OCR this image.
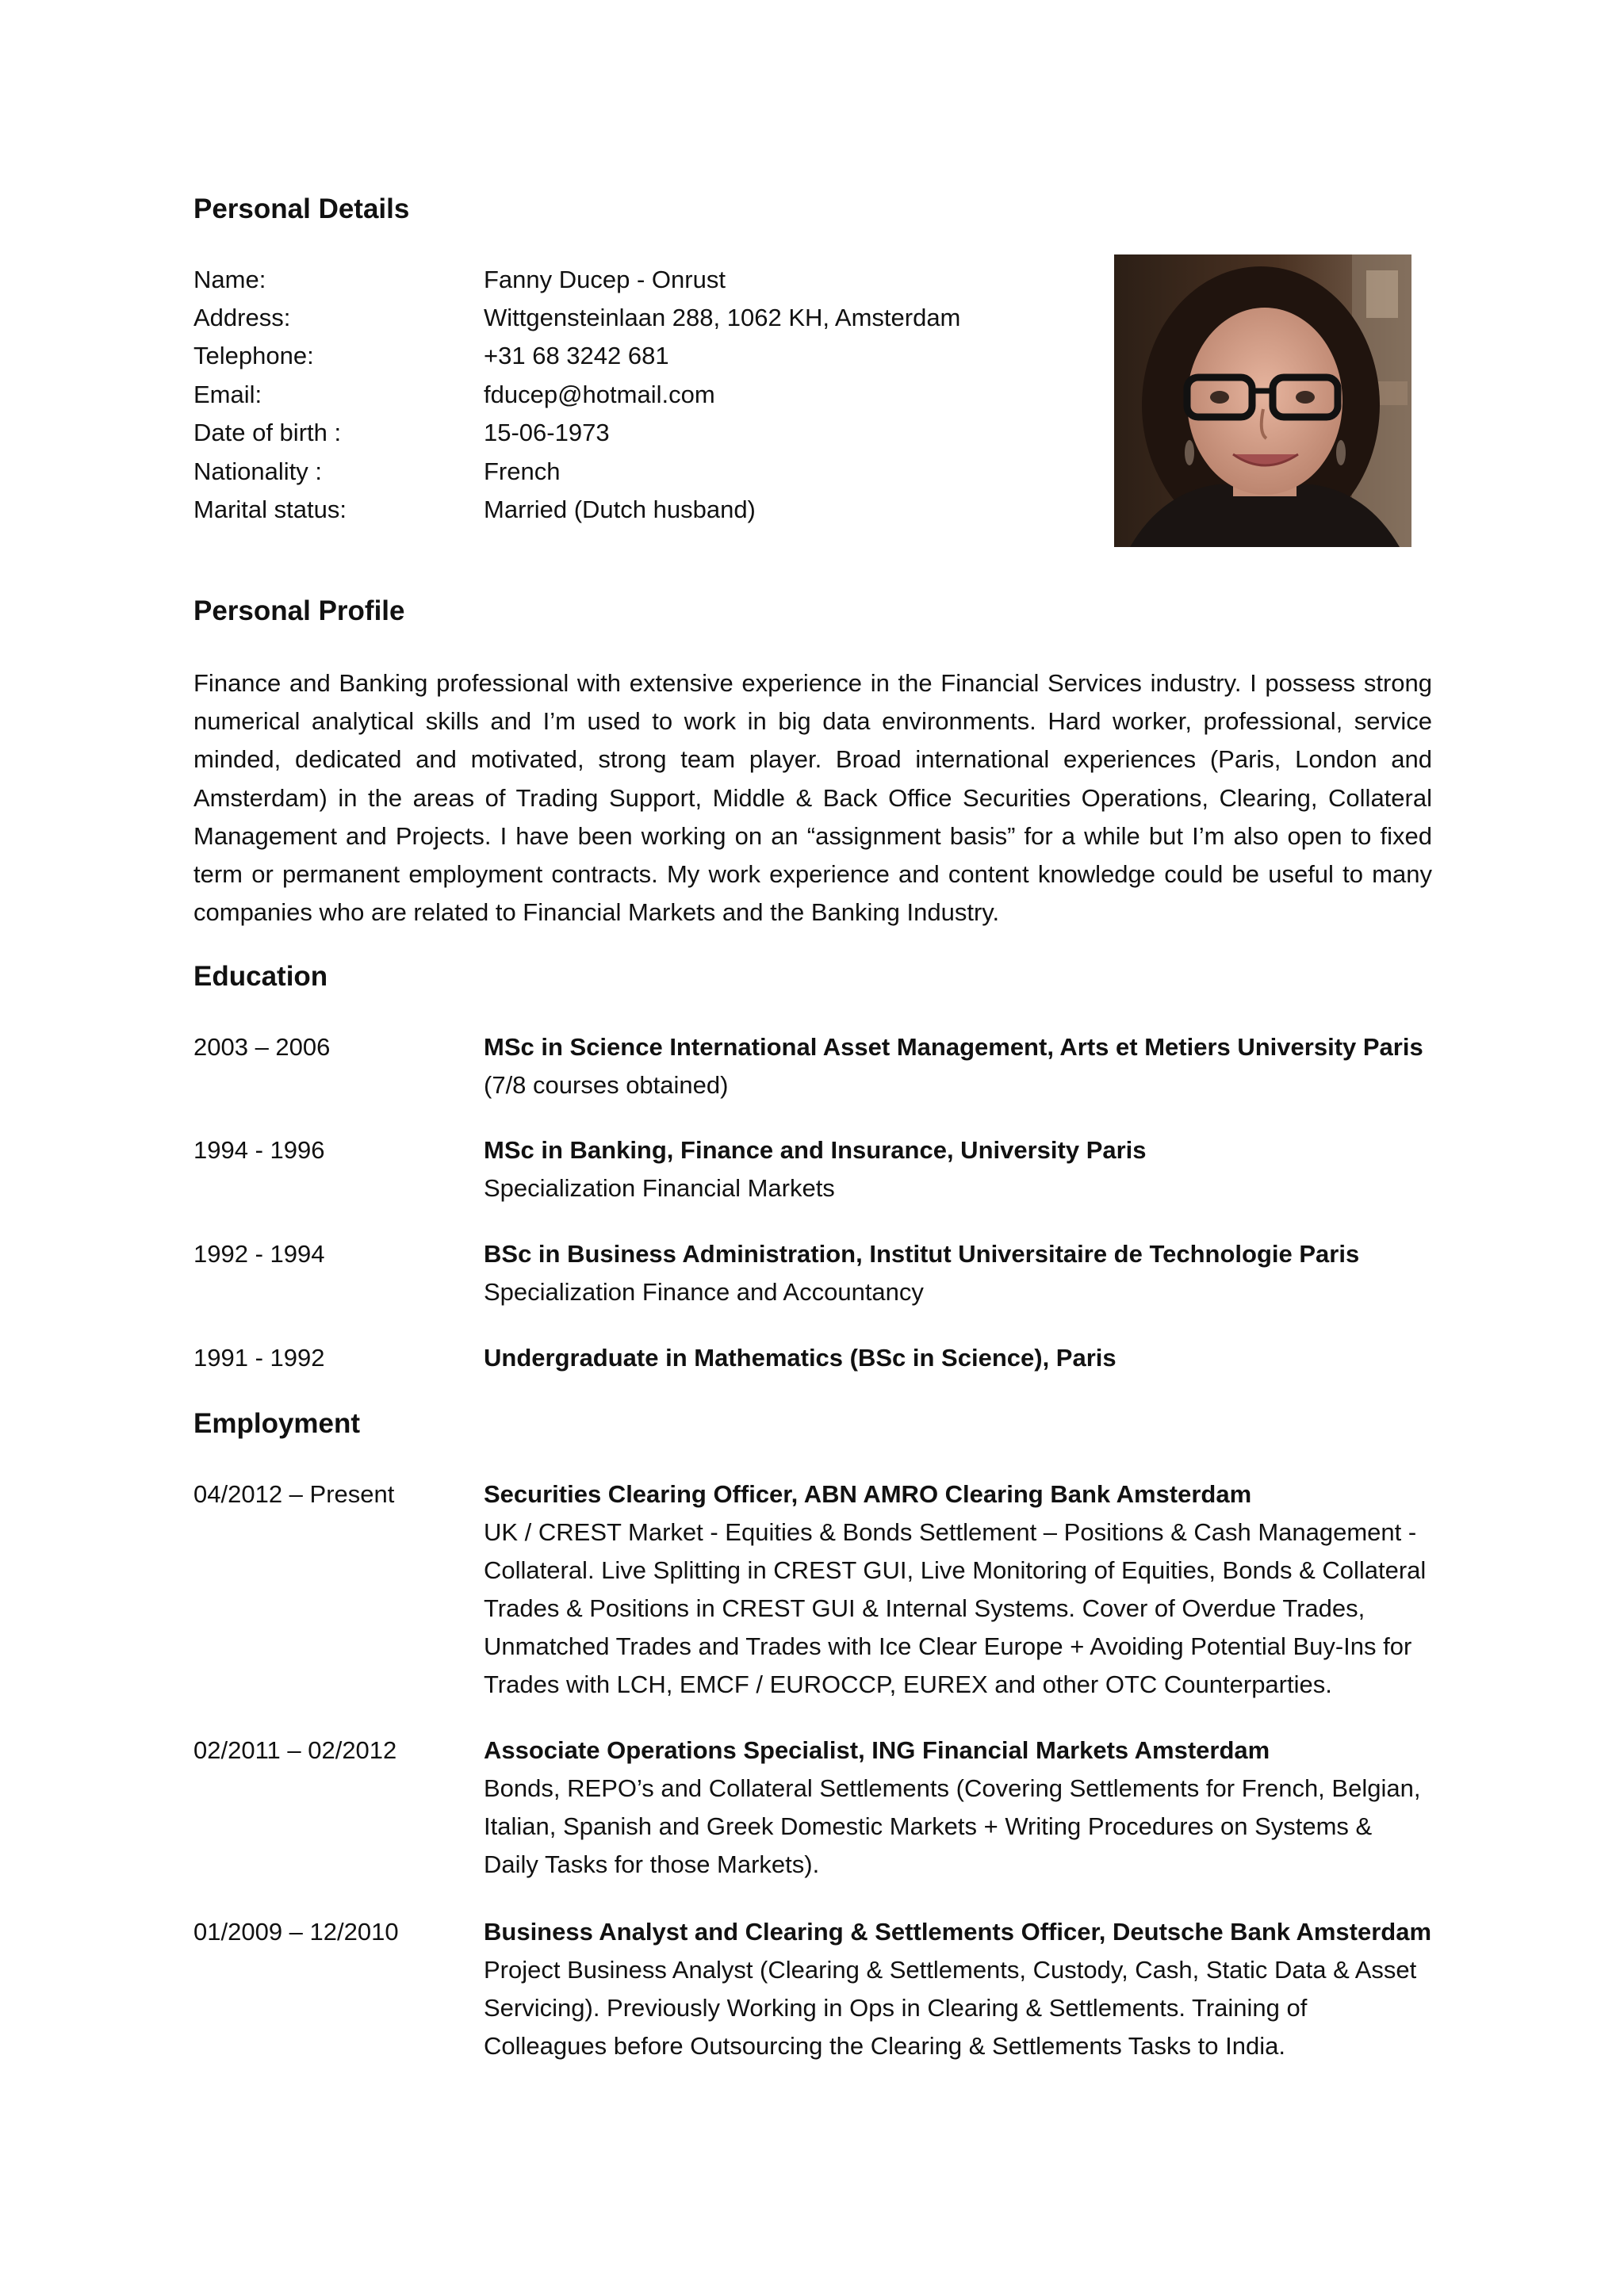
Personal Details
Name:	Fanny Ducep - Onrust
Address:	Wittgensteinlaan 288, 1062 KH, Amsterdam
Telephone:	+31 68 3242 681
Email:	fducep@hotmail.com
Date of birth :	15-06-1973
Nationality :	French
Marital status:	Married (Dutch husband)
Personal Profile

Finance and Banking professional with extensive experience in the Financial Services industry. I possess strong numerical analytical skills and I’m used to work in big data environments. Hard worker, professional, service minded, dedicated and motivated, strong team player. Broad international experiences (Paris, London and Amsterdam) in the areas of Trading Support, Middle & Back Office Securities Operations, Clearing, Collateral Management and Projects. I have been working on an “assignment basis” for a while but I’m also open to fixed term or permanent employment contracts. My work experience and content knowledge could be useful to many companies who are related to Financial Markets and the Banking Industry.

Education
2003 – 2006	MSc in Science International Asset Management, Arts et Metiers University Paris
(7/8 courses obtained)
1994 - 1996	MSc in Banking, Finance and Insurance, University Paris
Specialization Financial Markets
1992 - 1994	BSc in Business Administration, Institut Universitaire de Technologie Paris
Specialization Finance and Accountancy
1991 - 1992	Undergraduate in Mathematics (BSc in Science), Paris
Employment
04/2012 – Present	Securities Clearing Officer, ABN AMRO Clearing Bank Amsterdam
UK / CREST Market - Equities & Bonds Settlement – Positions & Cash Management -
Collateral. Live Splitting in CREST GUI, Live Monitoring of Equities, Bonds & Collateral
Trades & Positions in CREST GUI & Internal Systems. Cover of Overdue Trades,
Unmatched Trades and Trades with Ice Clear Europe + Avoiding Potential Buy-Ins for
Trades with LCH, EMCF / EUROCCP, EUREX and other OTC Counterparties.
02/2011 – 02/2012	Associate Operations Specialist, ING Financial Markets Amsterdam
Bonds, REPO’s and Collateral Settlements (Covering Settlements for French, Belgian,
Italian, Spanish and Greek Domestic Markets + Writing Procedures on Systems &
Daily Tasks for those Markets).
01/2009 – 12/2010	Business Analyst and Clearing & Settlements Officer, Deutsche Bank Amsterdam
Project Business Analyst (Clearing & Settlements, Custody, Cash, Static Data & Asset
Servicing). Previously Working in Ops in Clearing & Settlements. Training of
Colleagues before Outsourcing the Clearing & Settlements Tasks to India.
